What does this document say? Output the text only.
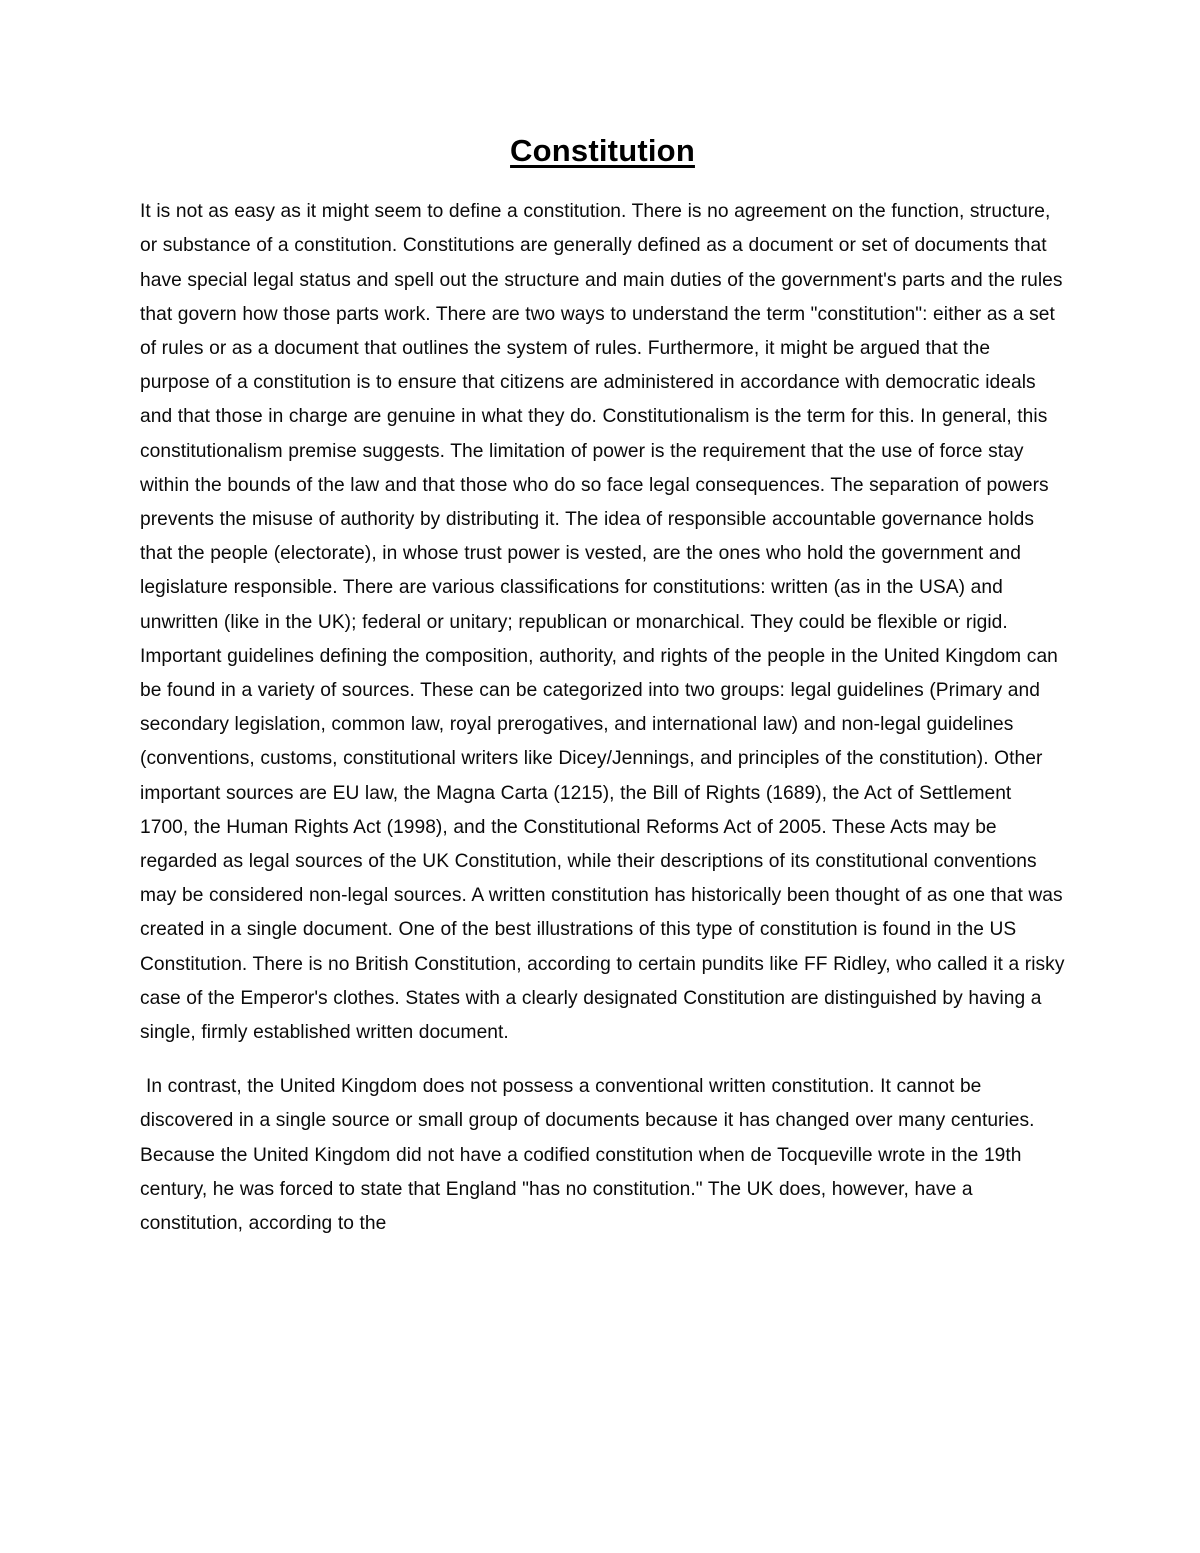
Constitution

It is not as easy as it might seem to define a constitution. There is no agreement on the function, structure, or substance of a constitution. Constitutions are generally defined as a document or set of documents that have special legal status and spell out the structure and main duties of the government's parts and the rules that govern how those parts work. There are two ways to understand the term "constitution": either as a set of rules or as a document that outlines the system of rules. Furthermore, it might be argued that the purpose of a constitution is to ensure that citizens are administered in accordance with democratic ideals and that those in charge are genuine in what they do. Constitutionalism is the term for this. In general, this constitutionalism premise suggests. The limitation of power is the requirement that the use of force stay within the bounds of the law and that those who do so face legal consequences. The separation of powers prevents the misuse of authority by distributing it. The idea of responsible accountable governance holds that the people (electorate), in whose trust power is vested, are the ones who hold the government and legislature responsible. There are various classifications for constitutions: written (as in the USA) and unwritten (like in the UK); federal or unitary; republican or monarchical. They could be flexible or rigid. Important guidelines defining the composition, authority, and rights of the people in the United Kingdom can be found in a variety of sources. These can be categorized into two groups: legal guidelines (Primary and secondary legislation, common law, royal prerogatives, and international law) and non-legal guidelines (conventions, customs, constitutional writers like Dicey/Jennings, and principles of the constitution). Other important sources are EU law, the Magna Carta (1215), the Bill of Rights (1689), the Act of Settlement 1700, the Human Rights Act (1998), and the Constitutional Reforms Act of 2005. These Acts may be regarded as legal sources of the UK Constitution, while their descriptions of its constitutional conventions may be considered non-legal sources. A written constitution has historically been thought of as one that was created in a single document. One of the best illustrations of this type of constitution is found in the US Constitution. There is no British Constitution, according to certain pundits like FF Ridley, who called it a risky case of the Emperor's clothes. States with a clearly designated Constitution are distinguished by having a single, firmly established written document.

In contrast, the United Kingdom does not possess a conventional written constitution. It cannot be discovered in a single source or small group of documents because it has changed over many centuries. Because the United Kingdom did not have a codified constitution when de Tocqueville wrote in the 19th century, he was forced to state that England "has no constitution." The UK does, however, have a constitution, according to the
